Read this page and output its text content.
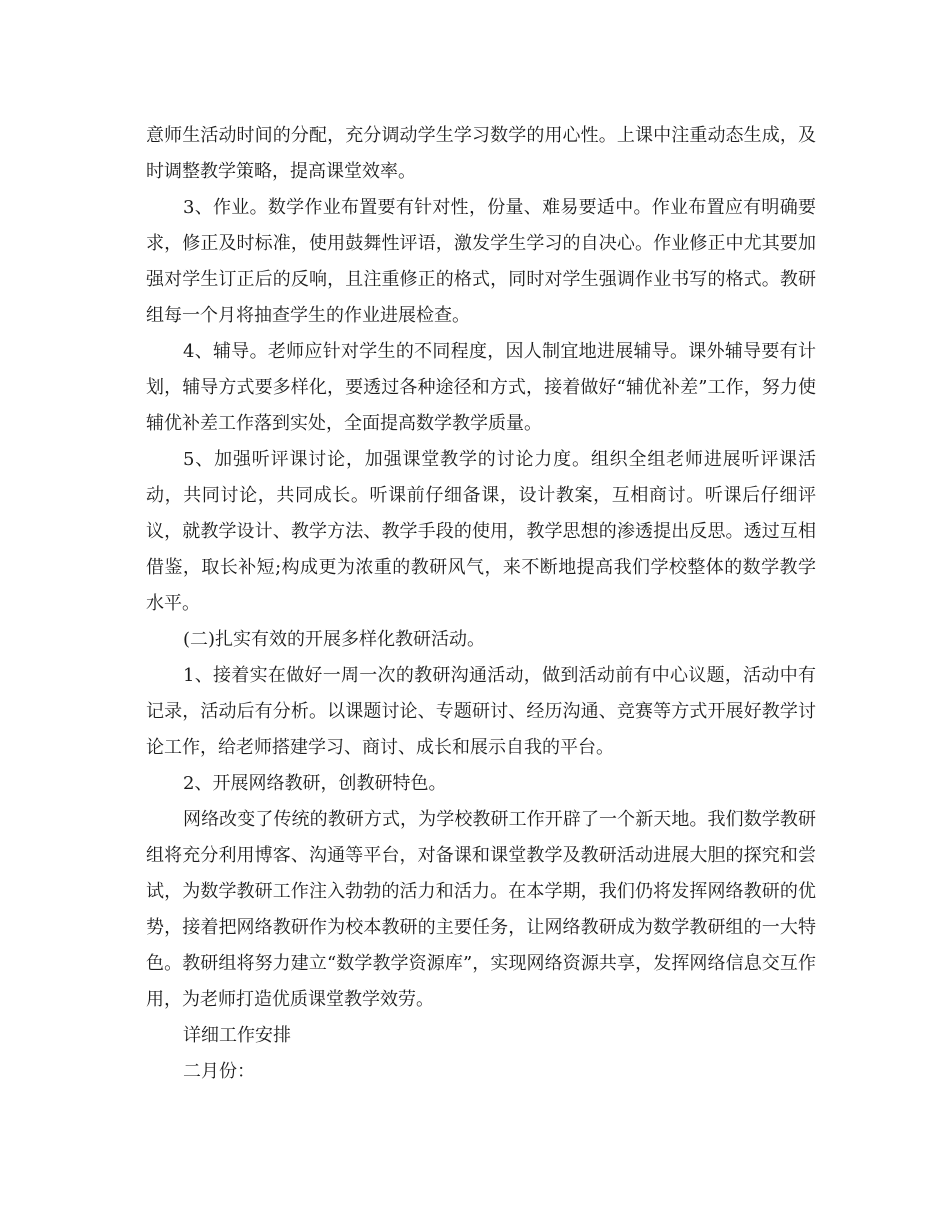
意师生活动时间的分配，充分调动学生学习数学的用心性。上课中注重动态生成，及时调整教学策略，提高课堂效率。

3、作业。数学作业布置要有针对性，份量、难易要适中。作业布置应有明确要求，修正及时标准，使用鼓舞性评语，激发学生学习的自决心。作业修正中尤其要加强对学生订正后的反响，且注重修正的格式，同时对学生强调作业书写的格式。教研组每一个月将抽查学生的作业进展检查。

4、辅导。老师应针对学生的不同程度，因人制宜地进展辅导。课外辅导要有计划，辅导方式要多样化，要透过各种途径和方式，接着做好“辅优补差”工作，努力使辅优补差工作落到实处，全面提高数学教学质量。

5、加强听评课讨论，加强课堂教学的讨论力度。组织全组老师进展听评课活动，共同讨论，共同成长。听课前仔细备课，设计教案，互相商讨。听课后仔细评议，就教学设计、教学方法、教学手段的使用，教学思想的渗透提出反思。透过互相借鉴，取长补短;构成更为浓重的教研风气，来不断地提高我们学校整体的数学教学水平。

(二)扎实有效的开展多样化教研活动。

1、接着实在做好一周一次的教研沟通活动，做到活动前有中心议题，活动中有记录，活动后有分析。以课题讨论、专题研讨、经历沟通、竞赛等方式开展好教学讨论工作，给老师搭建学习、商讨、成长和展示自我的平台。

2、开展网络教研，创教研特色。

网络改变了传统的教研方式，为学校教研工作开辟了一个新天地。我们数学教研组将充分利用博客、沟通等平台，对备课和课堂教学及教研活动进展大胆的探究和尝试，为数学教研工作注入勃勃的活力和活力。在本学期，我们仍将发挥网络教研的优势，接着把网络教研作为校本教研的主要任务，让网络教研成为数学教研组的一大特色。教研组将努力建立“数学教学资源库”，实现网络资源共享，发挥网络信息交互作用，为老师打造优质课堂教学效劳。

详细工作安排

二月份：
